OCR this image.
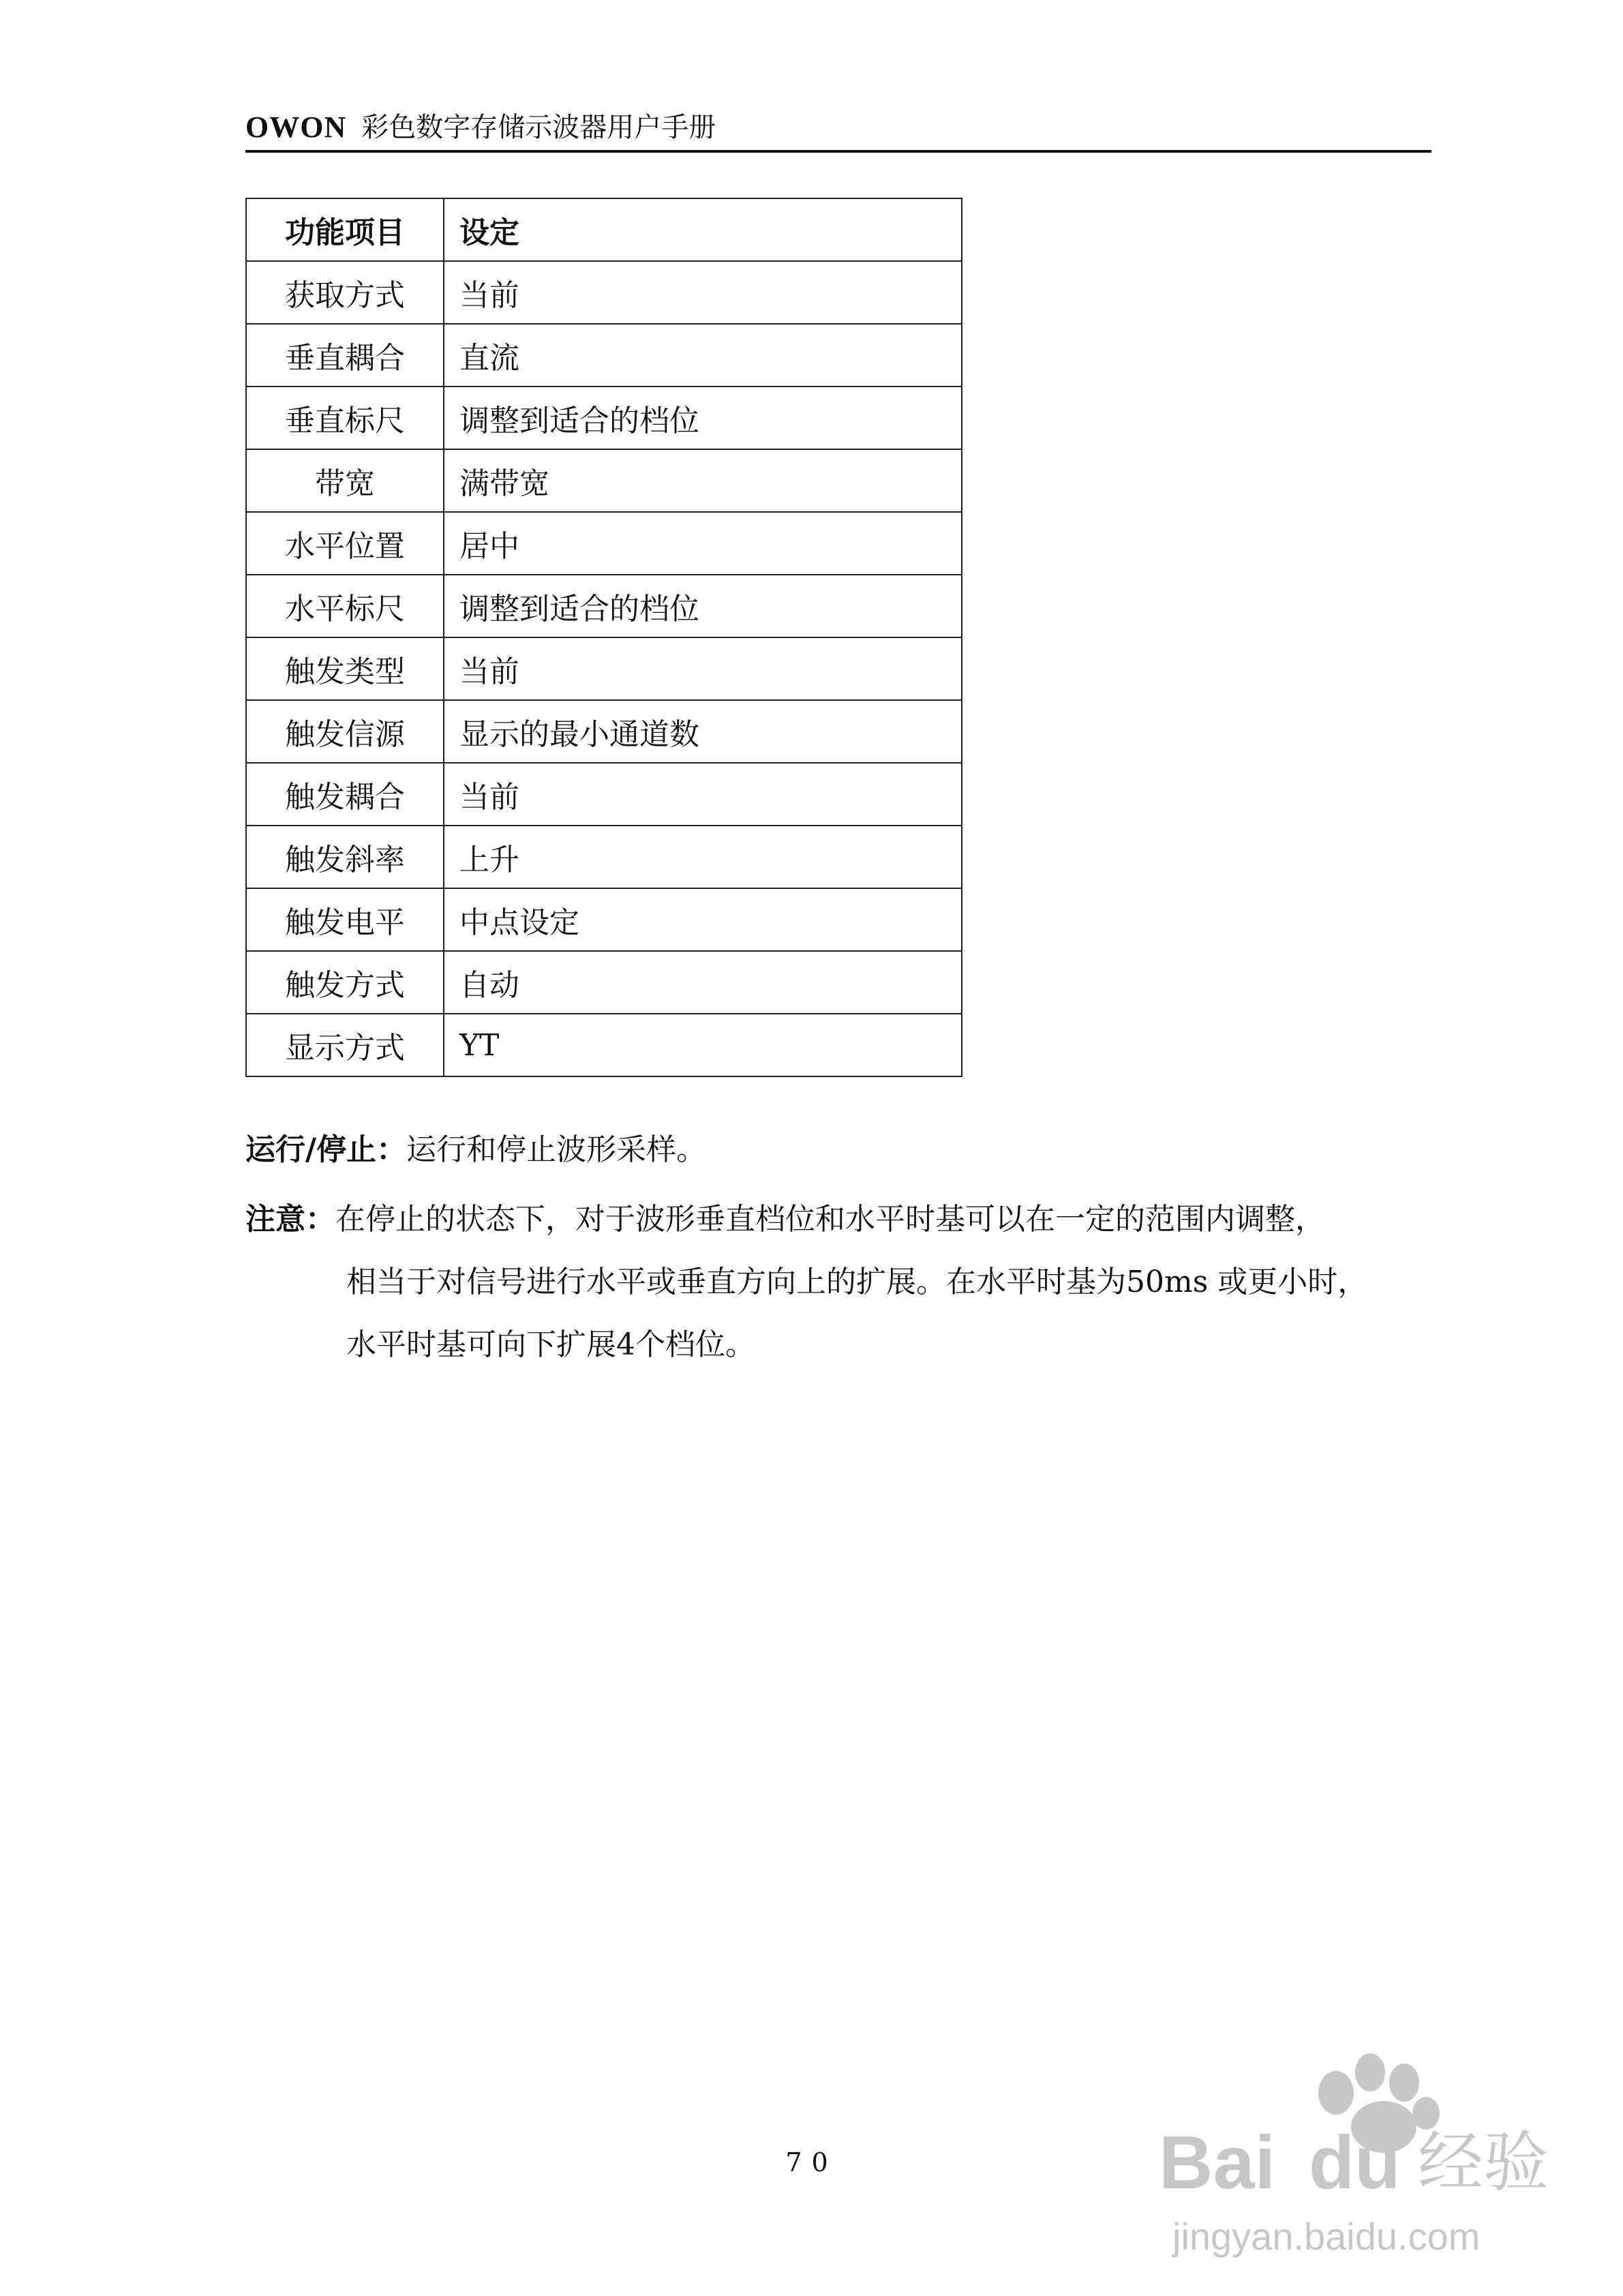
OWON 彩色数字存储示波器用户手册
功能项目	设定
获取方式	当前
垂直耦合	直流
垂直标尺	调整到适合的档位
带宽	满带宽
水平位置	居中
水平标尺	调整到适合的档位
触发类型	当前
触发信源	显示的最小通道数
触发耦合	当前
触发斜率	上升
触发电平	中点设定
触发方式	自动
显示方式	YT
运行/停止：运行和停止波形采样。
注意：在停止的状态下，对于波形垂直档位和水平时基可以在一定的范围内调整，
相当于对信号进行水平或垂直方向上的扩展。在水平时基为50ms 或更小时，
水平时基可向下扩展4个档位。
70	Bai du 经验
jingyan.baidu.com
